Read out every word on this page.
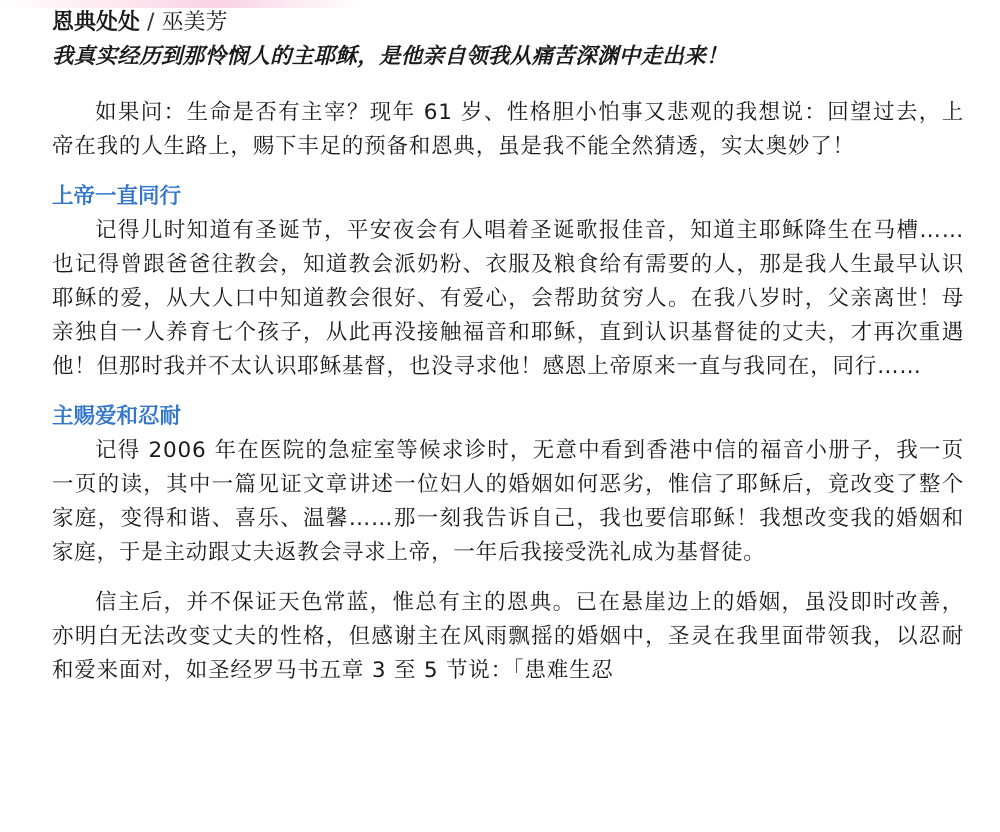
恩典处处 / 巫美芳
我真实经历到那怜悯人的主耶稣，是他亲自领我从痛苦深渊中走出来！

如果问：生命是否有主宰？现年 61 岁、性格胆小怕事又悲观的我想说：回望过去，上帝在我的人生路上，赐下丰足的预备和恩典，虽是我不能全然猜透，实太奥妙了！

上帝一直同行

记得儿时知道有圣诞节，平安夜会有人唱着圣诞歌报佳音，知道主耶稣降生在马槽……也记得曾跟爸爸往教会，知道教会派奶粉、衣服及粮食给有需要的人，那是我人生最早认识耶稣的爱，从大人口中知道教会很好、有爱心，会帮助贫穷人。在我八岁时，父亲离世！母亲独自一人养育七个孩子，从此再没接触福音和耶稣，直到认识基督徒的丈夫，才再次重遇他！但那时我并不太认识耶稣基督，也没寻求他！感恩上帝原来一直与我同在，同行……

主赐爱和忍耐

记得 2006 年在医院的急症室等候求诊时，无意中看到香港中信的福音小册子，我一页一页的读，其中一篇见证文章讲述一位妇人的婚姻如何恶劣，惟信了耶稣后，竟改变了整个家庭，变得和谐、喜乐、温馨……那一刻我告诉自己，我也要信耶稣！我想改变我的婚姻和家庭，于是主动跟丈夫返教会寻求上帝，一年后我接受洗礼成为基督徒。

信主后，并不保证天色常蓝，惟总有主的恩典。已在悬崖边上的婚姻，虽没即时改善，亦明白无法改变丈夫的性格，但感谢主在风雨飘摇的婚姻中，圣灵在我里面带领我，以忍耐和爱来面对，如圣经罗马书五章 3 至 5 节说：「患难生忍
